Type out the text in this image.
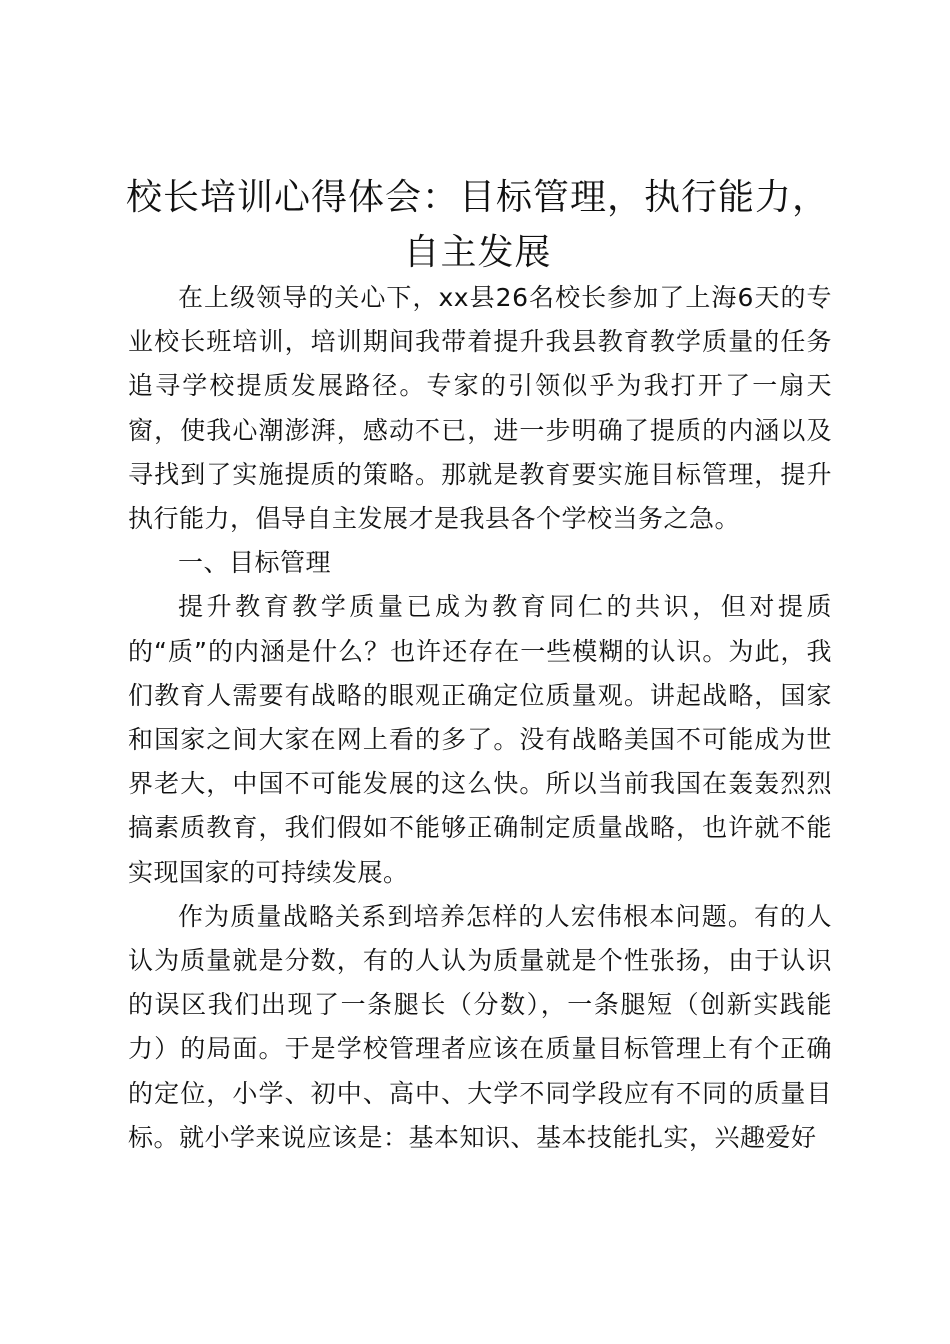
校长培训心得体会：目标管理，执行能力，自主发展

在上级领导的关心下，xx县26名校长参加了上海6天的专业校长班培训，培训期间我带着提升我县教育教学质量的任务追寻学校提质发展路径。专家的引领似乎为我打开了一扇天窗，使我心潮澎湃，感动不已，进一步明确了提质的内涵以及寻找到了实施提质的策略。那就是教育要实施目标管理，提升执行能力，倡导自主发展才是我县各个学校当务之急。

一、目标管理

提升教育教学质量已成为教育同仁的共识，但对提质的“质”的内涵是什么？也许还存在一些模糊的认识。为此，我们教育人需要有战略的眼观正确定位质量观。讲起战略，国家和国家之间大家在网上看的多了。没有战略美国不可能成为世界老大，中国不可能发展的这么快。所以当前我国在轰轰烈烈搞素质教育，我们假如不能够正确制定质量战略，也许就不能实现国家的可持续发展。

作为质量战略关系到培养怎样的人宏伟根本问题。有的人认为质量就是分数，有的人认为质量就是个性张扬，由于认识的误区我们出现了一条腿长（分数），一条腿短（创新实践能力）的局面。于是学校管理者应该在质量目标管理上有个正确的定位，小学、初中、高中、大学不同学段应有不同的质量目标。就小学来说应该是：基本知识、基本技能扎实，兴趣爱好
